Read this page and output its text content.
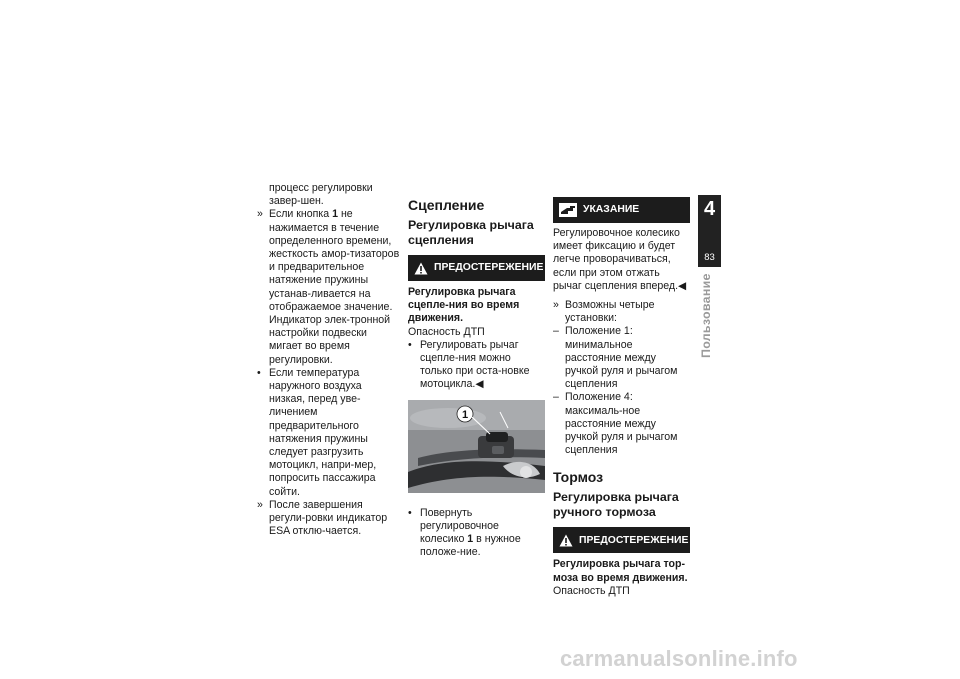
процесс регулировки завер-шен.

» Если кнопка 1 не нажимается в течение определенного времени, жесткость амор-тизаторов и предварительное натяжение пружины устанав-ливается на отображаемое значение. Индикатор элек-тронной настройки подвески мигает во время регулировки.
• Если температура наружного воздуха низкая, перед уве-личением предварительного натяжения пружины следует разгрузить мотоцикл, напри-мер, попросить пассажира сойти.
» После завершения регули-ровки индикатор ESA отклю-чается.
Сцепление
Регулировка рычага сцепления
ПРЕДОСТЕРЕЖЕНИЕ

Регулировка рычага сцепле-ния во время движения.

Опасность ДТП

• Регулировать рычаг сцепле-ния можно только при оста-новке мотоцикла.◀
1
• Повернуть регулировочное колесико 1 в нужное положе-ние.
УКАЗАНИЕ

Регулировочное колесико имеет фиксацию и будет легче проворачиваться, если при этом отжать рычаг сцепления вперед.◀

» Возможны четыре установки:
– Положение 1: минимальное расстояние между ручкой руля и рычагом сцепления
– Положение 4: максималь-ное расстояние между ручкой руля и рычагом сцепления
Тормоз
Регулировка рычага ручного тормоза
ПРЕДОСТЕРЕЖЕНИЕ

Регулировка рычага тор-моза во время движения.

Опасность ДТП

4
83
Пользование
carmanualsonline.info
